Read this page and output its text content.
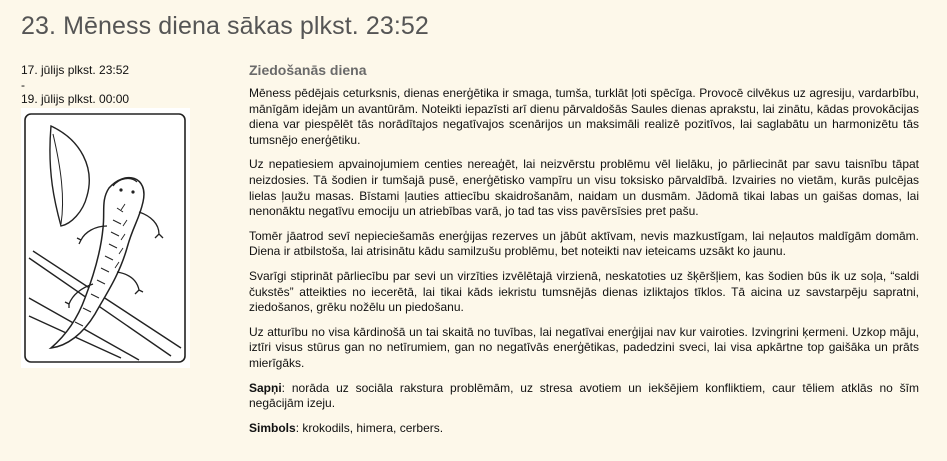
23. Mēness diena sākas plkst. 23:52
17. jūlijs plkst. 23:52
-
19. jūlijs plkst. 00:00
Ziedošanās diena

Mēness pēdējais ceturksnis, dienas enerģētika ir smaga, tumša, turklāt ļoti spēcīga. Provocē cilvēkus uz agresiju, vardarbību, mānīgām idejām un avantūrām. Noteikti iepazīsti arī dienu pārvaldošās Saules dienas aprakstu, lai zinātu, kādas provokācijas diena var piespēlēt tās norādītajos negatīvajos scenārijos un maksimāli realizē pozitīvos, lai saglabātu un harmonizētu tās tumsnējo enerģētiku.

Uz nepatiesiem apvainojumiem centies nereaģēt, lai neizvērstu problēmu vēl lielāku, jo pārliecināt par savu taisnību tāpat neizdosies. Tā šodien ir tumšajā pusē, enerģētisko vampīru un visu toksisko pārvaldībā. Izvairies no vietām, kurās pulcējas lielas ļaužu masas. Bīstami ļauties attiecību skaidrošanām, naidam un dusmām. Jādomā tikai labas un gaišas domas, lai nenonāktu negatīvu emociju un atriebības varā, jo tad tas viss pavērsīsies pret pašu.

Tomēr jāatrod sevī nepieciešamās enerģijas rezerves un jābūt aktīvam, nevis mazkustīgam, lai neļautos maldīgām domām. Diena ir atbilstoša, lai atrisinātu kādu samilzušu problēmu, bet noteikti nav ieteicams uzsākt ko jaunu.

Svarīgi stiprināt pārliecību par sevi un virzīties izvēlētajā virzienā, neskatoties uz šķēršļiem, kas šodien būs ik uz soļa, “saldi čukstēs” atteikties no iecerētā, lai tikai kāds iekristu tumsnējās dienas izliktajos tīklos. Tā aicina uz savstarpēju sapratni, ziedošanos, grēku nožēlu un piedošanu.

Uz atturību no visa kārdinošā un tai skaitā no tuvības, lai negatīvai enerģijai nav kur vairoties. Izvingrini ķermeni. Uzkop māju, iztīri visus stūrus gan no netīrumiem, gan no negatīvās enerģētikas, padedzini sveci, lai visa apkārtne top gaišāka un prāts mierīgāks.

Sapņi: norāda uz sociāla rakstura problēmām, uz stresa avotiem un iekšējiem konfliktiem, caur tēliem atklās no šīm negācijām izeju.

Simbols: krokodils, himera, cerbers.
